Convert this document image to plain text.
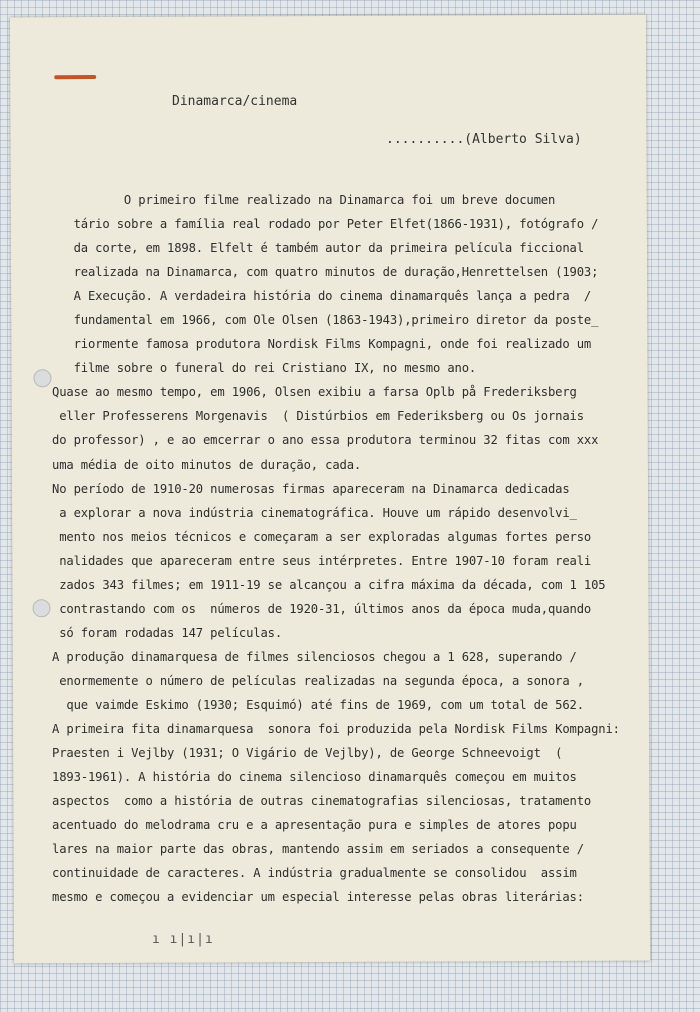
Dinamarca/cinema
..........(Alberto Silva)
O primeiro filme realizado na Dinamarca foi um breve documen
tário sobre a família real rodado por Peter Elfet(1866-1931), fotógrafo /
da corte, em 1898. Elfelt é também autor da primeira película ficcional
realizada na Dinamarca, com quatro minutos de duração,Henrettelsen (1903;
A Execução. A verdadeira história do cinema dinamarquês lança a pedra  /
fundamental em 1966, com Ole Olsen (1863-1943),primeiro diretor da poste_
riormente famosa produtora Nordisk Films Kompagni, onde foi realizado um
filme sobre o funeral do rei Cristiano IX, no mesmo ano.
Quase ao mesmo tempo, em 1906, Olsen exibiu a farsa Oplb på Frederiksberg
eller Professerens Morgenavis  ( Distúrbios em Federiksberg ou Os jornais
do professor) , e ao emcerrar o ano essa produtora terminou 32 fitas com xxx
uma média de oito minutos de duração, cada.
No período de 1910-20 numerosas firmas apareceram na Dinamarca dedicadas
a explorar a nova indústria cinematográfica. Houve um rápido desenvolvi_
mento nos meios técnicos e começaram a ser exploradas algumas fortes perso
nalidades que apareceram entre seus intérpretes. Entre 1907-10 foram reali
zados 343 filmes; em 1911-19 se alcançou a cifra máxima da década, com 1 105
contrastando com os  números de 1920-31, últimos anos da época muda,quando
só foram rodadas 147 películas.
A produção dinamarquesa de filmes silenciosos chegou a 1 628, superando /
enormemente o número de películas realizadas na segunda época, a sonora ,
que vaimde Eskimo (1930; Esquimó) até fins de 1969, com um total de 562.
A primeira fita dinamarquesa  sonora foi produzida pela Nordisk Films Kompagni:
Praesten i Vejlby (1931; O Vigário de Vejlby), de George Schneevoigt  (
1893-1961). A história do cinema silencioso dinamarquês começou em muitos
aspectos  como a história de outras cinematografias silenciosas, tratamento
acentuado do melodrama cru e a apresentação pura e simples de atores popu
lares na maior parte das obras, mantendo assim em seriados a consequente /
continuidade de caracteres. A indústria gradualmente se consolidou  assim
mesmo e começou a evidenciar um especial interesse pelas obras literárias:
ı ı|ı|ı
